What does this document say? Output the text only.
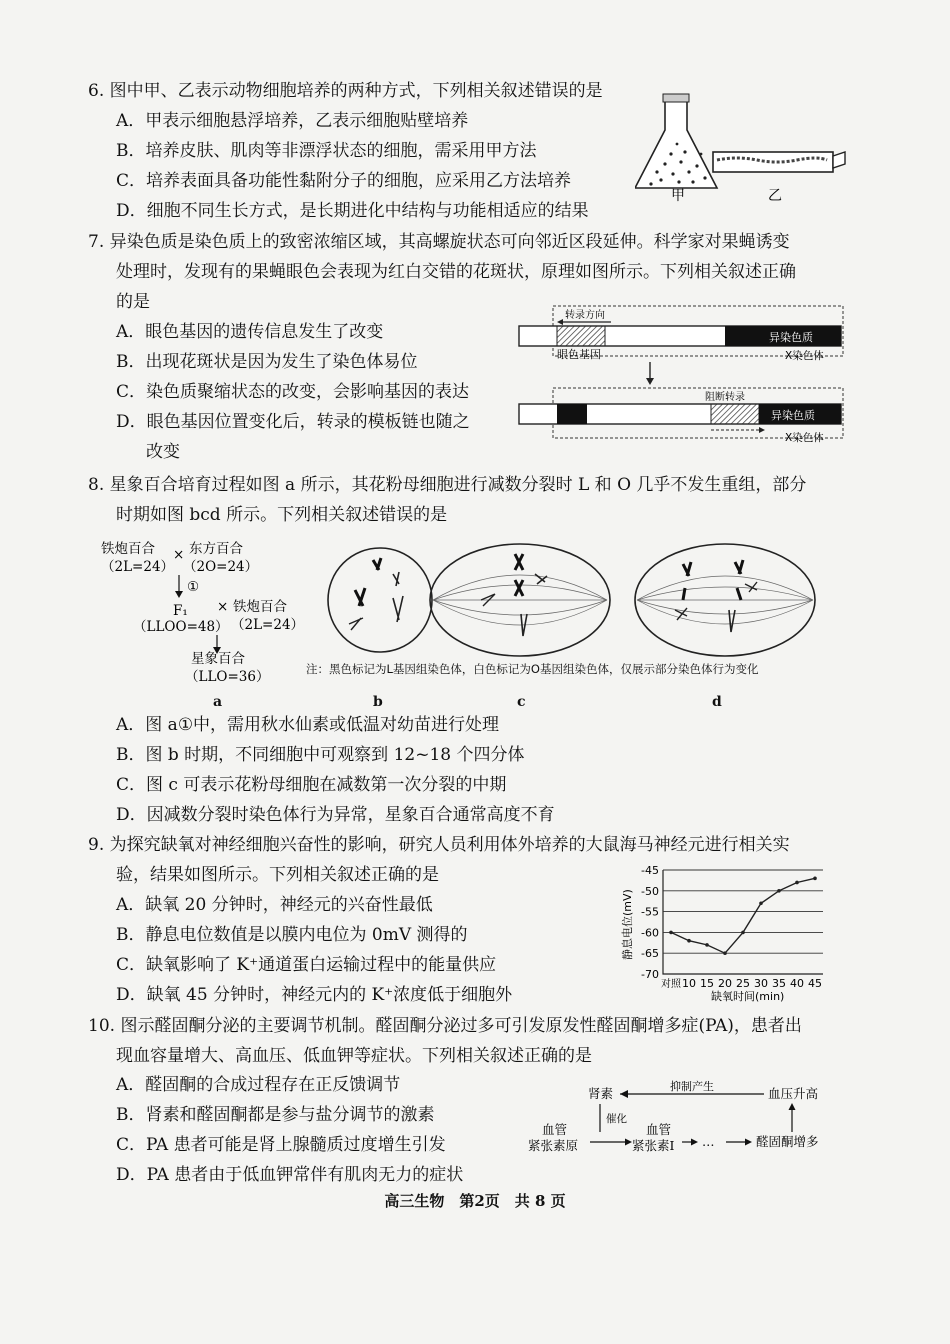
6. 图中甲、乙表示动物细胞培养的两种方式，下列相关叙述错误的是
A．甲表示细胞悬浮培养，乙表示细胞贴壁培养
B．培养皮肤、肌肉等非漂浮状态的细胞，需采用甲方法
C．培养表面具备功能性黏附分子的细胞，应采用乙方法培养
D．细胞不同生长方式，是长期进化中结构与功能相适应的结果
甲	乙
7. 异染色质是染色质上的致密浓缩区域，其高螺旋状态可向邻近区段延伸。科学家对果蝇诱变
处理时，发现有的果蝇眼色会表现为红白交错的花斑状，原理如图所示。下列相关叙述正确
的是
A．眼色基因的遗传信息发生了改变
B．出现花斑状是因为发生了染色体易位
C．染色质聚缩状态的改变，会影响基因的表达
D．眼色基因位置变化后，转录的模板链也随之
改变
转录方向
异染色质
眼色基因	X染色体
阻断转录
异染色质
X染色体
8. 星象百合培育过程如图 a 所示，其花粉母细胞进行减数分裂时 L 和 O 几乎不发生重组，部分
时期如图 bcd 所示。下列相关叙述错误的是
铁炮百合
（2L=24）
× 东方百合
（2O=24）
①
F₁ × 铁炮百合
（LLOO=48） （2L=24）
星象百合
（LLO=36）	注：黑色标记为L基因组染色体，白色标记为O基因组染色体，仅展示部分染色体行为变化
a	b	c	d
A．图 a①中，需用秋水仙素或低温对幼苗进行处理
B．图 b 时期，不同细胞中可观察到 12~18 个四分体
C．图 c 可表示花粉母细胞在减数第一次分裂的中期
D．因减数分裂时染色体行为异常，星象百合通常高度不育
9. 为探究缺氧对神经细胞兴奋性的影响，研究人员利用体外培养的大鼠海马神经元进行相关实
验，结果如图所示。下列相关叙述正确的是
A．缺氧 20 分钟时，神经元的兴奋性最低
B．静息电位数值是以膜内电位为 0mV 测得的
C．缺氧影响了 K⁺通道蛋白运输过程中的能量供应
D．缺氧 45 分钟时，神经元内的 K⁺浓度低于细胞外
-45
-50
-55
-60
-65
-70
对照 10 15 20 25 30 35 40 45
静息电位(mV)
缺氧时间(min)
10. 图示醛固酮分泌的主要调节机制。醛固酮分泌过多可引发原发性醛固酮增多症(PA)，患者出
现血容量增大、高血压、低血钾等症状。下列相关叙述正确的是
A．醛固酮的合成过程存在正反馈调节
B．肾素和醛固酮都是参与盐分调节的激素
C．PA 患者可能是肾上腺髓质过度增生引发
D．PA 患者由于低血钾常伴有肌肉无力的症状
肾素	抑制产生	血压升高
催化
血管
紧张素原
血管
紧张素I …	醛固酮增多
高三生物　第2页　共 8 页
